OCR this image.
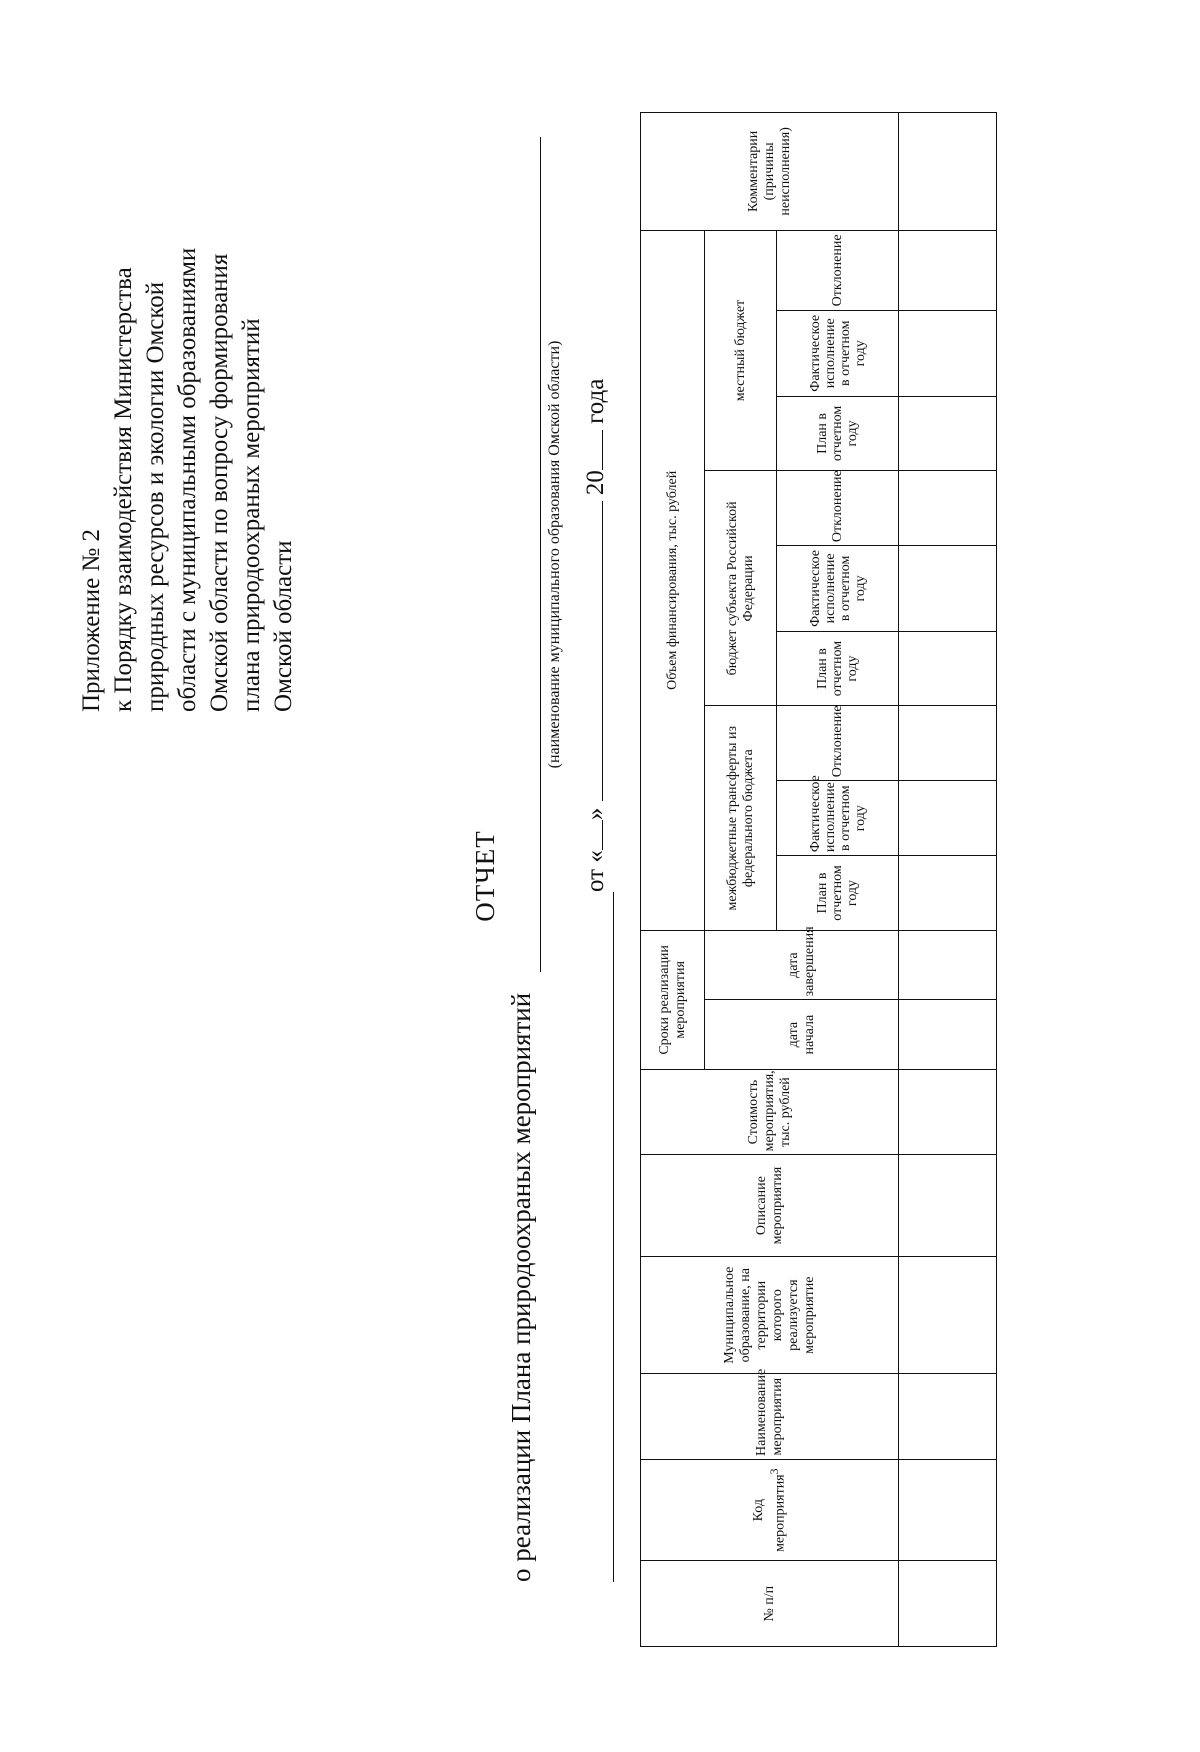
Приложение № 2 к Порядку взаимодействия Министерства природных ресурсов и экологии Омской области с муниципальными образованиями Омской области по вопросу формирования плана природоохраных мероприятий Омской области
ОТЧЕТ
о реализации Плана природоохраных мероприятий
(наименование муниципального образования Омской области)
от «»  20 года
№ п/п	Код мероприятия$^3$	Наименование мероприятия	Муниципальное образование, на территории которого реализуется мероприятие	Описание мероприятия	Стоимость мероприятия, тыс. рублей	Сроки реализации мероприятия		Объем финансирования, тыс. рублей									Комментарии (причины неисполнения)
						дата начала	дата завершения	межбюджетные трансферты из федерального бюджета			бюджет субъекта Российской Федерации			местный бюджет			
								План в отчетном году	Фактическое исполнение в отчетном году	Отклонение	План в отчетном году	Фактическое исполнение в отчетном году	Отклонение	План в отчетном году	Фактическое исполнение в отчетном году	Отклонение	
